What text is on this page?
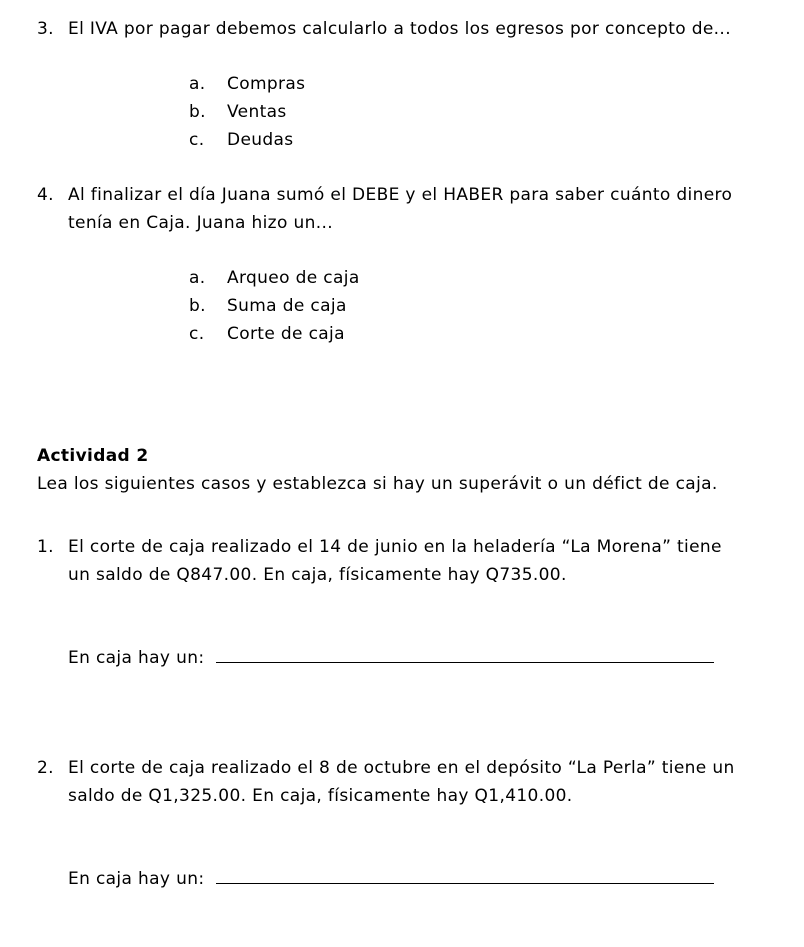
3. El IVA por pagar debemos calcularlo a todos los egresos por concepto de...
a. Compras
b. Ventas
c. Deudas
4. Al finalizar el día Juana sumó el DEBE y el HABER para saber cuánto dinero
tenía en Caja. Juana hizo un...
a. Arqueo de caja
b. Suma de caja
c. Corte de caja
Actividad 2
Lea los siguientes casos y establezca si hay un superávit o un défict de caja.
1. El corte de caja realizado el 14 de junio en la heladería “La Morena” tiene
un saldo de Q847.00. En caja, físicamente hay Q735.00.
En caja hay un:
2. El corte de caja realizado el 8 de octubre en el depósito “La Perla” tiene un
saldo de Q1,325.00. En caja, físicamente hay Q1,410.00.
En caja hay un:
